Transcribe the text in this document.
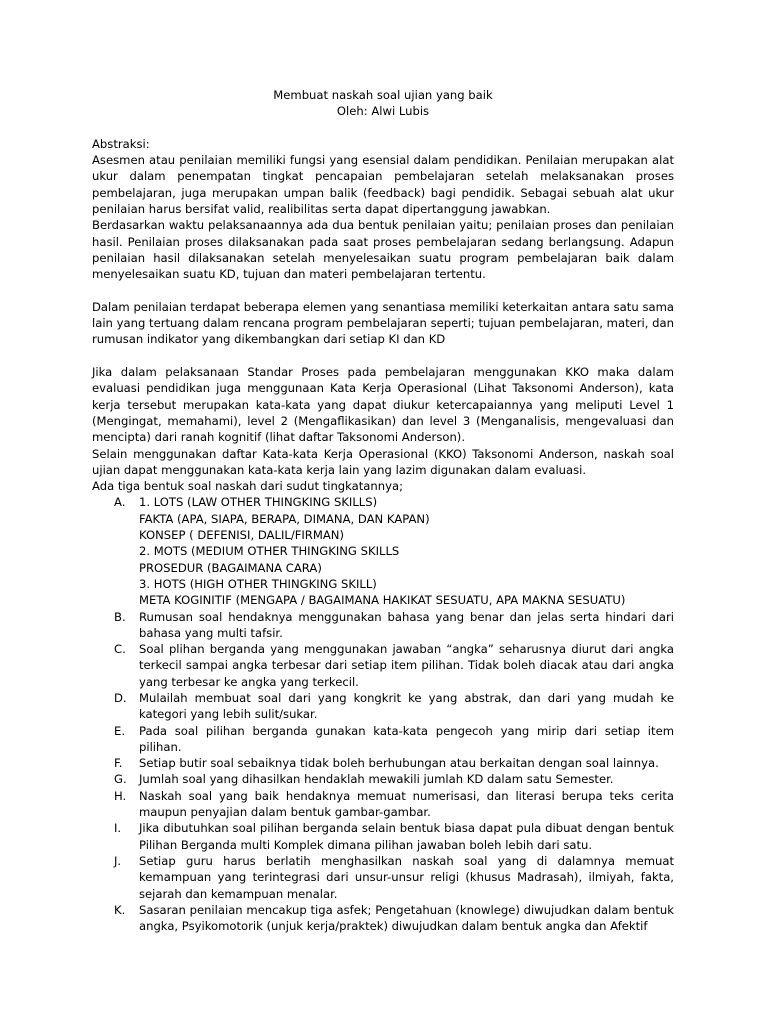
Membuat naskah soal ujian yang baik
Oleh: Alwi Lubis

Abstraksi:

Asesmen atau penilaian memiliki fungsi yang esensial dalam pendidikan. Penilaian merupakan alat ukur dalam penempatan tingkat pencapaian pembelajaran setelah melaksanakan proses pembelajaran, juga merupakan umpan balik (feedback) bagi pendidik. Sebagai sebuah alat ukur penilaian harus bersifat valid, realibilitas serta dapat dipertanggung jawabkan.

Berdasarkan waktu pelaksanaannya ada dua bentuk penilaian yaitu; penilaian proses dan penilaian hasil. Penilaian proses dilaksanakan pada saat proses pembelajaran sedang berlangsung. Adapun penilaian hasil dilaksanakan setelah menyelesaikan suatu program pembelajaran baik dalam menyelesaikan suatu KD, tujuan dan materi pembelajaran tertentu.

Dalam penilaian terdapat beberapa elemen yang senantiasa memiliki keterkaitan antara satu sama lain yang tertuang dalam rencana program pembelajaran seperti; tujuan pembelajaran, materi, dan rumusan indikator yang dikembangkan dari setiap KI dan KD

Jika dalam pelaksanaan Standar Proses pada pembelajaran menggunakan KKO maka dalam evaluasi pendidikan juga menggunaan Kata Kerja Operasional (Lihat Taksonomi Anderson), kata kerja tersebut merupakan kata-kata yang dapat diukur ketercapaiannya yang meliputi Level 1 (Mengingat, memahami), level 2 (Mengaflikasikan) dan level 3 (Menganalisis, mengevaluasi dan mencipta) dari ranah kognitif (lihat daftar Taksonomi Anderson).

Selain menggunakan daftar Kata-kata Kerja Operasional (KKO) Taksonomi Anderson, naskah soal ujian dapat menggunakan kata-kata kerja lain yang lazim digunakan dalam evaluasi.

Ada tiga bentuk soal naskah dari sudut tingkatannya;

A. 1. LOTS (LAW OTHER THINGKING SKILLS)
FAKTA (APA, SIAPA, BERAPA, DIMANA, DAN KAPAN)
KONSEP ( DEFENISI, DALIL/FIRMAN)
2. MOTS (MEDIUM OTHER THINGKING SKILLS
PROSEDUR (BAGAIMANA CARA)
3. HOTS (HIGH OTHER THINGKING SKILL)
META KOGINITIF (MENGAPA / BAGAIMANA HAKIKAT SESUATU, APA MAKNA SESUATU)
B. Rumusan soal hendaknya menggunakan bahasa yang benar dan jelas serta hindari dari bahasa yang multi tafsir.
C. Soal plihan berganda yang menggunakan jawaban “angka” seharusnya diurut dari angka terkecil sampai angka terbesar dari setiap item pilihan. Tidak boleh diacak atau dari angka yang terbesar ke angka yang terkecil.
D. Mulailah membuat soal dari yang kongkrit ke yang abstrak, dan dari yang mudah ke kategori yang lebih sulit/sukar.
E. Pada soal pilihan berganda gunakan kata-kata pengecoh yang mirip dari setiap item pilihan.
F. Setiap butir soal sebaiknya tidak boleh berhubungan atau berkaitan dengan soal lainnya.
G. Jumlah soal yang dihasilkan hendaklah mewakili jumlah KD dalam satu Semester.
H. Naskah soal yang baik hendaknya memuat numerisasi, dan literasi berupa teks cerita maupun penyajian dalam bentuk gambar-gambar.
I. Jika dibutuhkan soal pilihan berganda selain bentuk biasa dapat pula dibuat dengan bentuk Pilihan Berganda multi Komplek dimana pilihan jawaban boleh lebih dari satu.
J. Setiap guru harus berlatih menghasilkan naskah soal yang di dalamnya memuat kemampuan yang terintegrasi dari unsur-unsur religi (khusus Madrasah), ilmiyah, fakta, sejarah dan kemampuan menalar.
K. Sasaran penilaian mencakup tiga asfek; Pengetahuan (knowlege) diwujudkan dalam bentuk angka, Psyikomotorik (unjuk kerja/praktek) diwujudkan dalam bentuk angka dan Afektif
